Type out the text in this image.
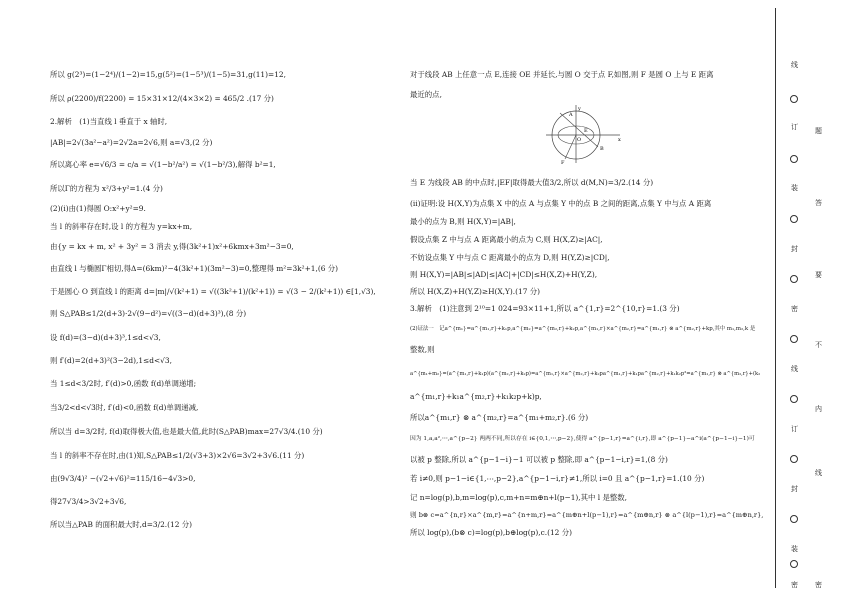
所以 g(2³)=(1−2⁴)/(1−2)=15,g(5²)=(1−5³)/(1−5)=31,g(11)=12,
所以 ρ(2200)/f(2200) = 15×31×12/(4×3×2) = 465/2 .(17 分)
2.解析　(1)当直线 l 垂直于 x 轴时,
|AB|=2√(3a²−a²)=2√2a=2√6,则 a=√3,(2 分)
所以离心率 e=√6/3 = c/a = √(1−b²/a²) = √(1−b²/3),解得 b²=1,
所以Γ的方程为 x²/3+y²=1.(4 分)
(2)(i)由(1)得圆 O:x²+y²=9.
当 l 的斜率存在时,设 l 的方程为 y=kx+m,
由{y = kx + m, x² + 3y² = 3 消去 y,得(3k²+1)x²+6kmx+3m²−3=0,
由直线 l 与椭圆Γ相切,得Δ=(6km)²−4(3k²+1)(3m²−3)=0,整理得 m²=3k²+1,(6 分)
于是圆心 O 到直线 l 的距离 d=|m|/√(k²+1) = √((3k²+1)/(k²+1)) = √(3 − 2/(k²+1)) ∈[1,√3),
则 S△PAB≤1/2(d+3)·2√(9−d²)=√((3−d)(d+3)³),(8 分)
设 f(d)=(3−d)(d+3)³,1≤d<√3,
则 f′(d)=2(d+3)²(3−2d),1≤d<√3,
当 1≤d<3/2时, f′(d)>0,函数 f(d)单调递增;
当3/2<d<√3时, f′(d)<0,函数 f(d)单调递减,
所以当 d=3/2时, f(d)取得极大值,也是最大值,此时(S△PAB)max=27√3/4.(10 分)
当 l 的斜率不存在时,由(1)知,S△PAB≤1/2(√3+3)×2√6=3√2+3√6.(11 分)
由(9√3/4)² −(√2+√6)²=115/16−4√3>0,
得27√3/4>3√2+3√6,
所以当△PAB 的面积最大时,d=3/2.(12 分)
对于线段 AB 上任意一点 E,连接 OE 并延长,与圆 O 交于点 F,如图,则 F 是圆 O 上与 E 距离
最近的点,
y
A
E
O
B
x
F
当 E 为线段 AB 的中点时,|EF|取得最大值3/2,所以 d(M,N)=3/2.(14 分)
(ii)证明:设 H(X,Y)为点集 X 中的点 A 与点集 Y 中的点 B 之间的距离,点集 Y 中与点 A 距离
最小的点为 B,则 H(X,Y)=|AB|,
假设点集 Z 中与点 A 距离最小的点为 C,则 H(X,Z)≥|AC|,
不妨设点集 Y 中与点 C 距离最小的点为 D,则 H(Y,Z)≥|CD|,
则 H(X,Y)=|AB|≤|AD|≤|AC|+|CD|≤H(X,Z)+H(Y,Z),
所以 H(X,Z)+H(Y,Z)≥H(X,Y).(17 分)
3.解析　(1)注意到 2¹⁰=1 024=93×11+1,所以 a^{1,r}=2^{10,r}=1.(3 分)
(2)证法一　记a^{m₁}=a^{m₁,r}+k₁p,a^{m₂}=a^{m₂,r}+k₂p,a^{m₁,r}×a^{m₂,r}=a^{m₁,r} ⊗ a^{m₂,r}+kp,其中 m₁,m₂,k 是
整数,则
a^{m₁+m₂}=(a^{m₁,r}+k₁p)(a^{m₂,r}+k₂p)=a^{m₁,r}×a^{m₂,r}+k₂pa^{m₁,r}+k₁pa^{m₂,r}+k₁k₂p²=a^{m₁,r} ⊗ a^{m₂,r}+(k₂
a^{m₁,r}+k₁a^{m₂,r}+k₁k₂p+k)p,
所以a^{m₁,r} ⊗ a^{m₂,r}=a^{m₁+m₂,r}.(6 分)
因为 1,a,a²,⋯,a^{p−2} 两两不同,所以存在 i∈{0,1,⋯,p−2},使得 a^{p−1,r}=a^{i,r},即 a^{p−1}−a^i(a^{p−1−i}−1)可
以被 p 整除,所以 a^{p−1−i}−1 可以被 p 整除,即 a^{p−1−i,r}=1,(8 分)
若 i≠0,则 p−1−i∈{1,⋯,p−2},a^{p−1−i,r}≠1,所以 i=0 且 a^{p−1,r}=1.(10 分)
记 n=log(p),b,m=log(p),c,m+n=m⊕n+l(p−1),其中 l 是整数,
则 b⊗ c=a^{n,r}×a^{m,r}=a^{n+m,r}=a^{m⊕n+l(p−1),r}=a^{m⊕n,r} ⊗ a^{l(p−1),r}=a^{m⊕n,r},
所以 log(p),(b⊗ c)=log(p),b⊕log(p),c.(12 分)
线
题
订
答
装
要
封
不
密
内
线
线
订
封
装
密 密
